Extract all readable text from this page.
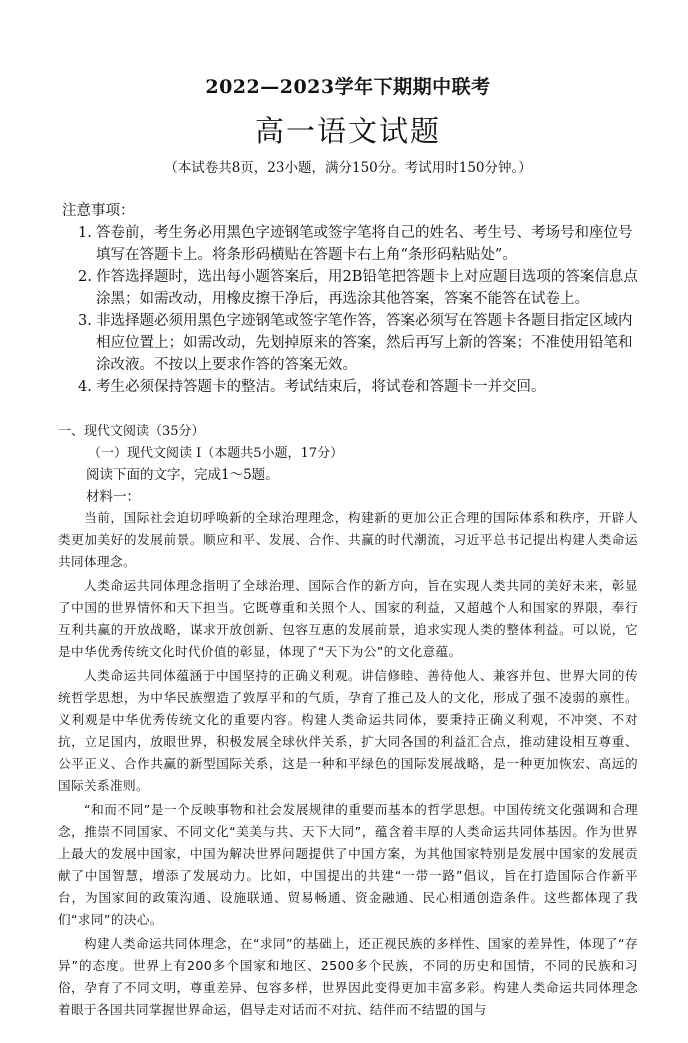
2022—2023学年下期期中联考
高一语文试题
（本试卷共8页，23小题，满分150分。考试用时150分钟。）
注意事项：
1. 答卷前，考生务必用黑色字迹钢笔或签字笔将自己的姓名、考生号、考场号和座位号填写在答题卡上。将条形码横贴在答题卡右上角“条形码粘贴处”。
2. 作答选择题时，选出每小题答案后，用2B铅笔把答题卡上对应题目选项的答案信息点涂黑；如需改动，用橡皮擦干净后，再选涂其他答案，答案不能答在试卷上。
3. 非选择题必须用黑色字迹钢笔或签字笔作答，答案必须写在答题卡各题目指定区域内相应位置上；如需改动，先划掉原来的答案，然后再写上新的答案；不准使用铅笔和涂改液。不按以上要求作答的答案无效。
4. 考生必须保持答题卡的整洁。考试结束后，将试卷和答题卡一并交回。
一、现代文阅读（35分）
（一）现代文阅读 I（本题共5小题，17分）
阅读下面的文字，完成1～5题。
材料一：

当前，国际社会迫切呼唤新的全球治理理念，构建新的更加公正合理的国际体系和秩序，开辟人类更加美好的发展前景。顺应和平、发展、合作、共赢的时代潮流，习近平总书记提出构建人类命运共同体理念。

人类命运共同体理念指明了全球治理、国际合作的新方向，旨在实现人类共同的美好未来，彰显了中国的世界情怀和天下担当。它既尊重和关照个人、国家的利益，又超越个人和国家的界限，奉行互利共赢的开放战略，谋求开放创新、包容互惠的发展前景，追求实现人类的整体利益。可以说，它是中华优秀传统文化时代价值的彰显，体现了“天下为公”的文化意蕴。

人类命运共同体蕴涵于中国坚持的正确义利观。讲信修睦、善待他人、兼容并包、世界大同的传统哲学思想，为中华民族塑造了敦厚平和的气质，孕育了推己及人的文化，形成了强不凌弱的禀性。义利观是中华优秀传统文化的重要内容。构建人类命运共同体，要秉持正确义利观，不冲突、不对抗，立足国内，放眼世界，积极发展全球伙伴关系，扩大同各国的利益汇合点，推动建设相互尊重、公平正义、合作共赢的新型国际关系，这是一种和平绿色的国际发展战略，是一种更加恢宏、高远的国际关系准则。

“和而不同”是一个反映事物和社会发展规律的重要而基本的哲学思想。中国传统文化强调和合理念，推崇不同国家、不同文化“美美与共、天下大同”，蕴含着丰厚的人类命运共同体基因。作为世界上最大的发展中国家，中国为解决世界问题提供了中国方案，为其他国家特别是发展中国家的发展贡献了中国智慧，增添了发展动力。比如，中国提出的共建“一带一路”倡议，旨在打造国际合作新平台，为国家间的政策沟通、设施联通、贸易畅通、资金融通、民心相通创造条件。这些都体现了我们“求同”的决心。

构建人类命运共同体理念，在“求同”的基础上，还正视民族的多样性、国家的差异性，体现了“存异”的态度。世界上有200多个国家和地区、2500多个民族，不同的历史和国情，不同的民族和习俗，孕育了不同文明，尊重差异、包容多样，世界因此变得更加丰富多彩。构建人类命运共同体理念着眼于各国共同掌握世界命运，倡导走对话而不对抗、结伴而不结盟的国与
